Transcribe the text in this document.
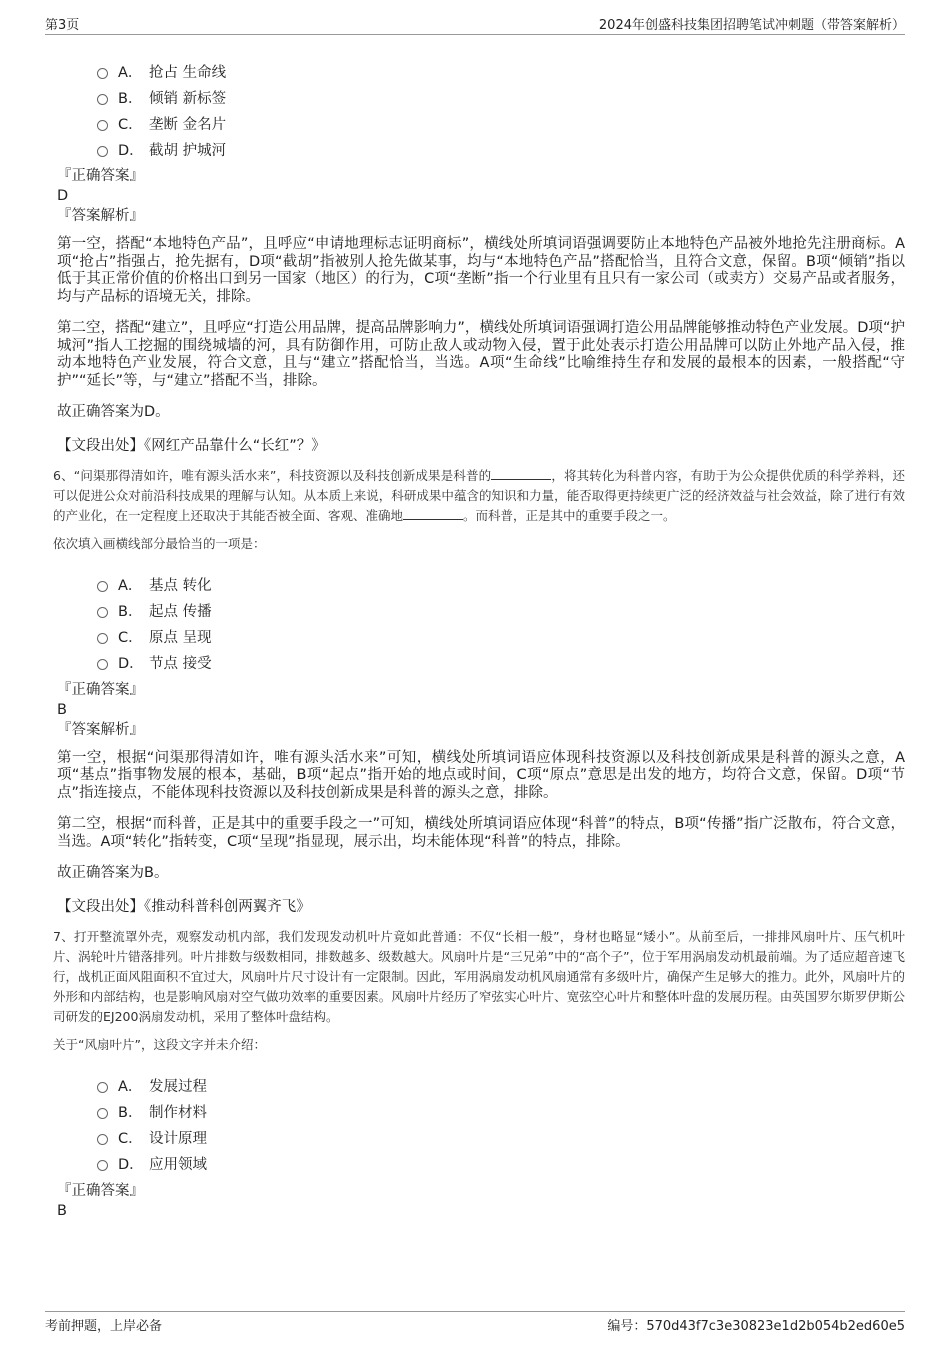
第3页	2024年创盛科技集团招聘笔试冲刺题（带答案解析）
A． 抢占 生命线
B． 倾销 新标签
C． 垄断 金名片
D． 截胡 护城河
『正确答案』
D
『答案解析』

第一空，搭配“本地特色产品”，且呼应“申请地理标志证明商标”，横线处所填词语强调要防止本地特色产品被外地抢先注册商标。A项“抢占”指强占，抢先据有，D项“截胡”指被别人抢先做某事，均与“本地特色产品”搭配恰当，且符合文意，保留。B项“倾销”指以低于其正常价值的价格出口到另一国家（地区）的行为，C项“垄断”指一个行业里有且只有一家公司（或卖方）交易产品或者服务，均与产品标的语境无关，排除。

第二空，搭配“建立”，且呼应“打造公用品牌，提高品牌影响力”，横线处所填词语强调打造公用品牌能够推动特色产业发展。D项“护城河”指人工挖掘的围绕城墙的河，具有防御作用，可防止敌人或动物入侵，置于此处表示打造公用品牌可以防止外地产品入侵，推动本地特色产业发展，符合文意，且与“建立”搭配恰当，当选。A项“生命线”比喻维持生存和发展的最根本的因素，一般搭配“守护”“延长”等，与“建立”搭配不当，排除。

故正确答案为D。

【文段出处】《网红产品靠什么“长红”？》

6、“问渠那得清如许，唯有源头活水来”，科技资源以及科技创新成果是科普的	，将其转化为科普内容，有助于为公众提供优质的科学养料，还可以促进公众对前沿科技成果的理解与认知。从本质上来说，科研成果中蕴含的知识和力量，能否取得更持续更广泛的经济效益与社会效益，除了进行有效的产业化，在一定程度上还取决于其能否被全面、客观、准确地	。而科普，正是其中的重要手段之一。

依次填入画横线部分最恰当的一项是：
A． 基点 转化
B． 起点 传播
C． 原点 呈现
D． 节点 接受
『正确答案』
B
『答案解析』

第一空，根据“问渠那得清如许，唯有源头活水来”可知，横线处所填词语应体现科技资源以及科技创新成果是科普的源头之意，A项“基点”指事物发展的根本，基础，B项“起点”指开始的地点或时间，C项“原点”意思是出发的地方，均符合文意，保留。D项“节点”指连接点，不能体现科技资源以及科技创新成果是科普的源头之意，排除。

第二空，根据“而科普，正是其中的重要手段之一”可知，横线处所填词语应体现“科普”的特点，B项“传播”指广泛散布，符合文意，当选。A项“转化”指转变，C项“呈现”指显现，展示出，均未能体现“科普”的特点，排除。

故正确答案为B。

【文段出处】《推动科普科创两翼齐飞》

7、打开整流罩外壳，观察发动机内部，我们发现发动机叶片竟如此普通：不仅“长相一般”，身材也略显“矮小”。从前至后，一排排风扇叶片、压气机叶片、涡轮叶片错落排列。叶片排数与级数相同，排数越多、级数越大。风扇叶片是“三兄弟”中的“高个子”，位于军用涡扇发动机最前端。为了适应超音速飞行，战机正面风阻面积不宜过大，风扇叶片尺寸设计有一定限制。因此，军用涡扇发动机风扇通常有多级叶片，确保产生足够大的推力。此外，风扇叶片的外形和内部结构，也是影响风扇对空气做功效率的重要因素。风扇叶片经历了窄弦实心叶片、宽弦空心叶片和整体叶盘的发展历程。由英国罗尔斯罗伊斯公司研发的EJ200涡扇发动机，采用了整体叶盘结构。

关于“风扇叶片”，这段文字并未介绍：
A． 发展过程
B． 制作材料
C． 设计原理
D． 应用领域
『正确答案』
B
考前押题，上岸必备	编号：570d43f7c3e30823e1d2b054b2ed60e5
